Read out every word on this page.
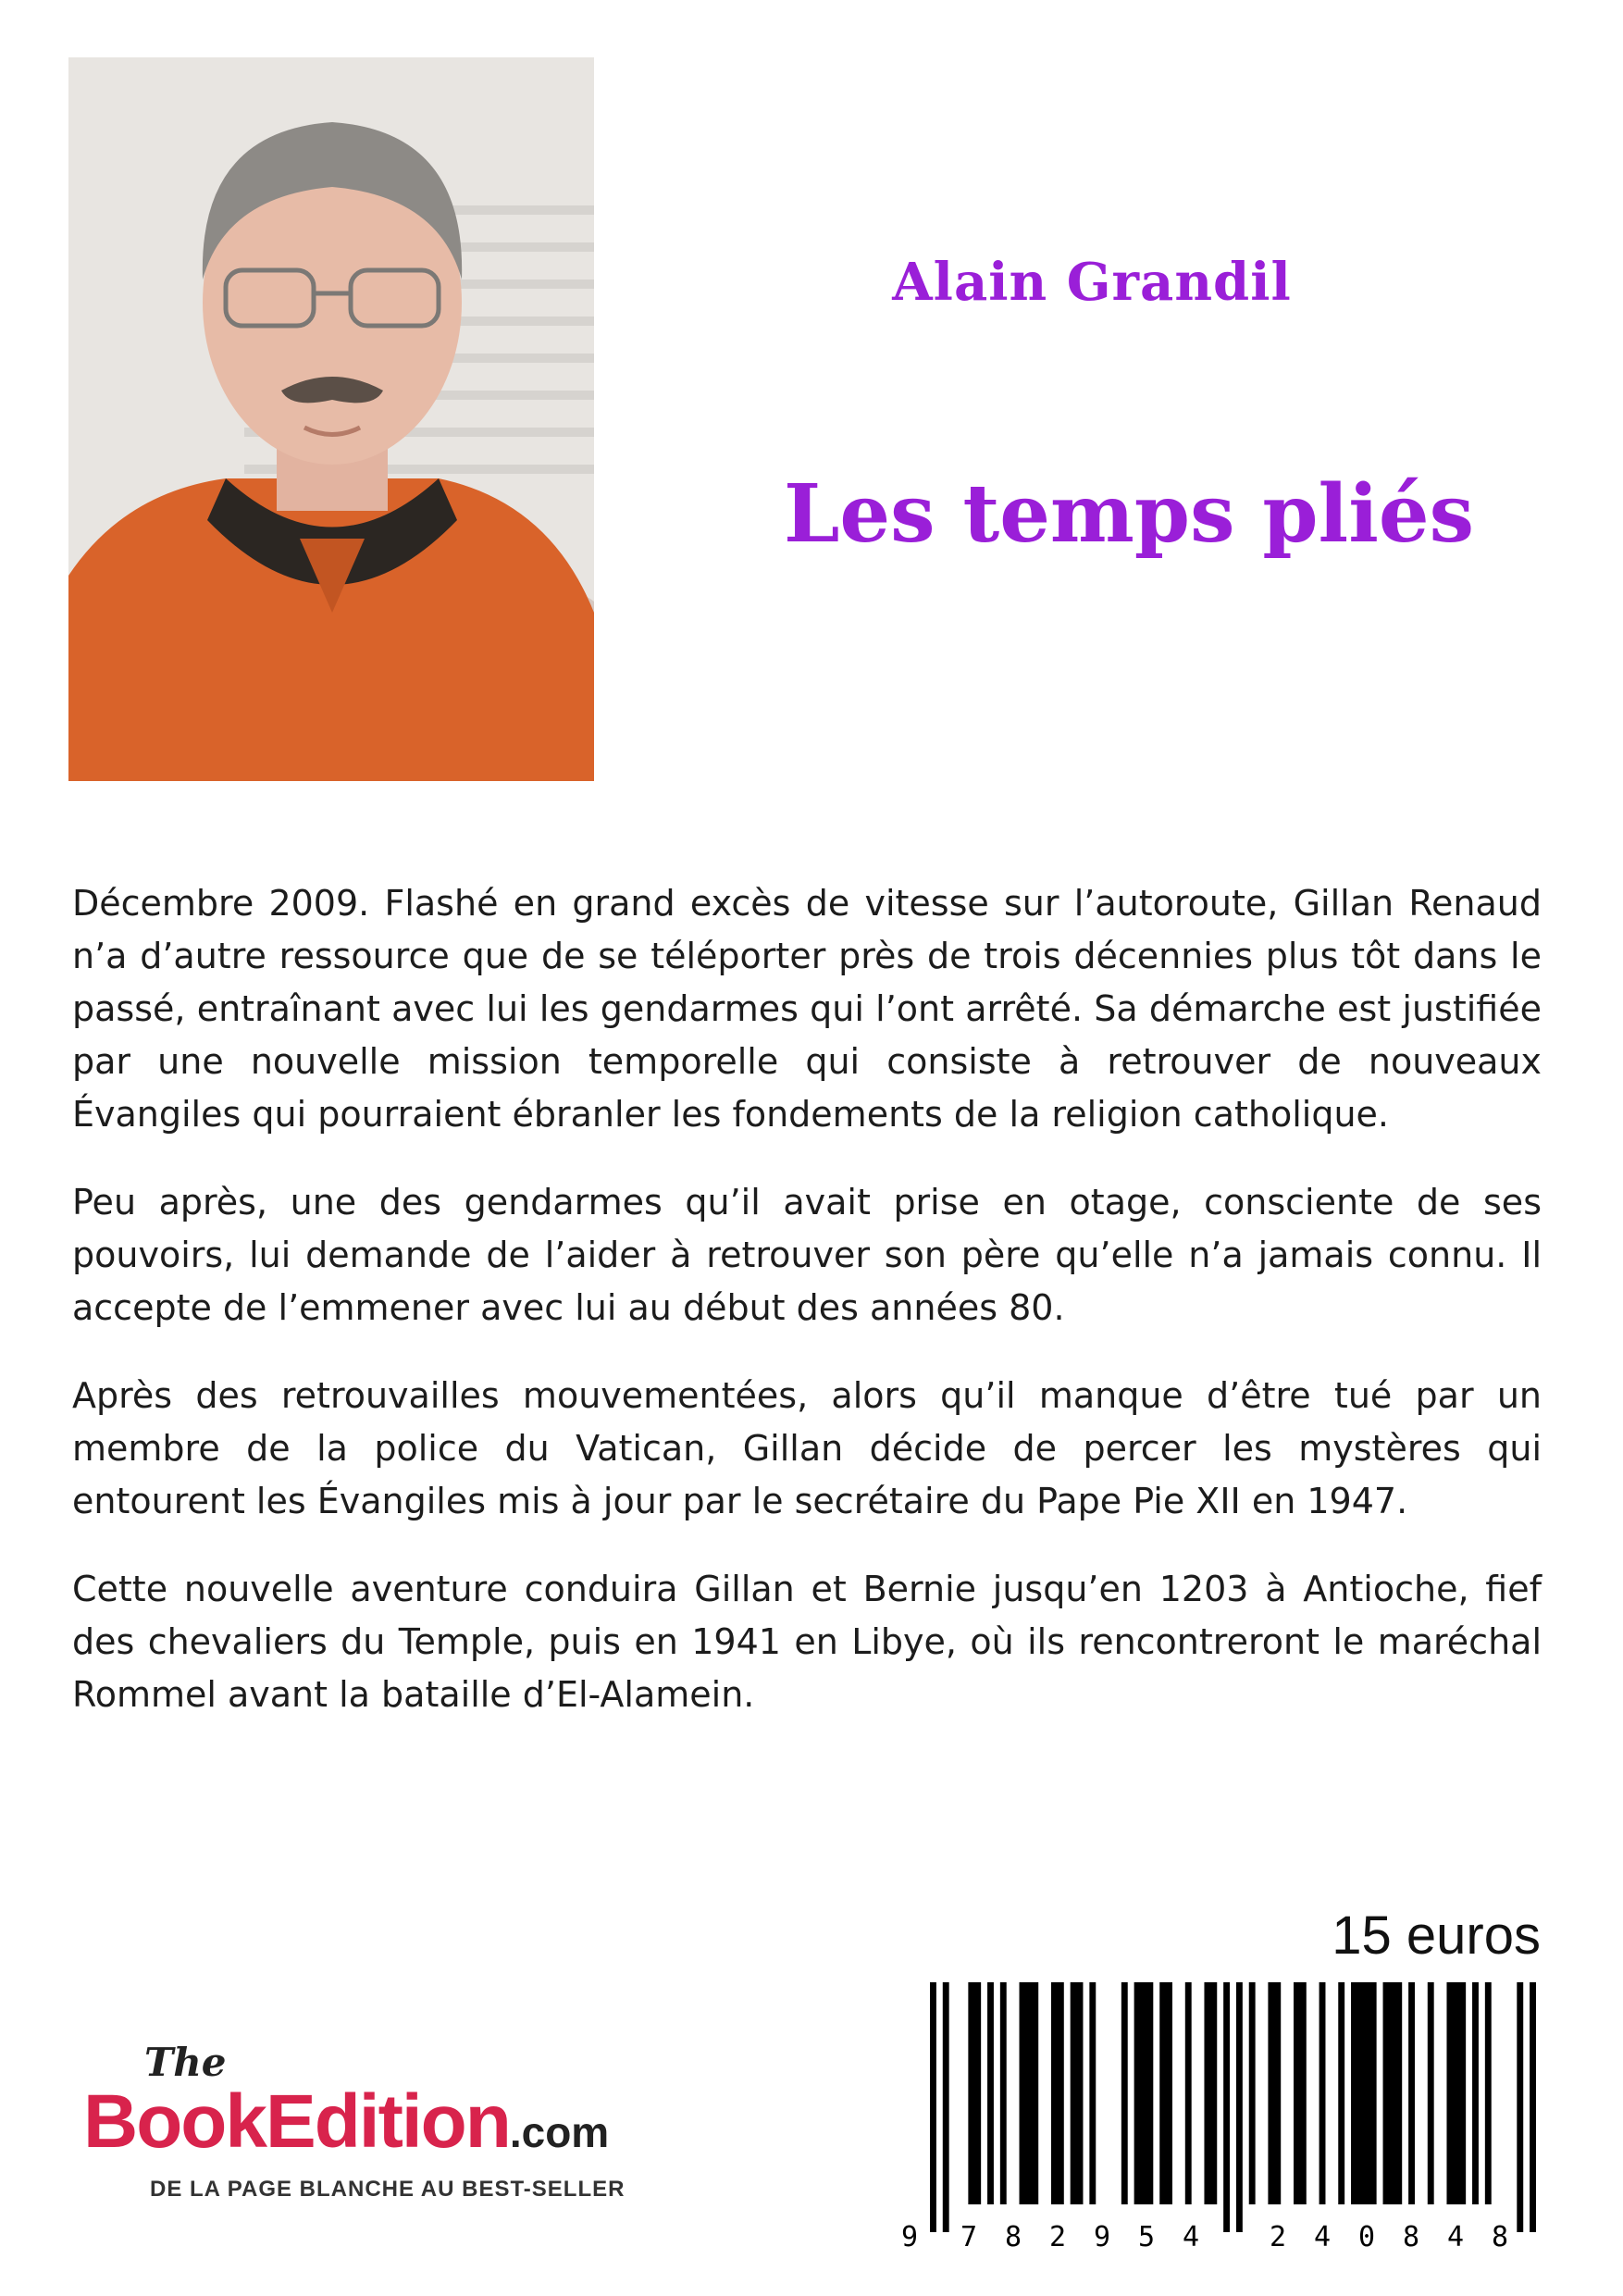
Alain Grandil
Les temps pliés

Décembre 2009. Flashé en grand excès de vitesse sur l’autoroute, Gillan Renaud n’a d’autre ressource que de se téléporter près de trois décennies plus tôt dans le passé, entraînant avec lui les gendarmes qui l’ont arrêté. Sa démarche est justifiée par une nouvelle mission temporelle qui consiste à retrouver de nouveaux Évangiles qui pourraient ébranler les fondements de la religion catholique.

Peu après, une des gendarmes qu’il avait prise en otage, consciente de ses pouvoirs, lui demande de l’aider à retrouver son père qu’elle n’a jamais connu. Il accepte de l’emmener avec lui au début des années 80.

Après des retrouvailles mouvementées, alors qu’il manque d’être tué par un membre de la police du Vatican, Gillan décide de percer les mystères qui entourent les Évangiles mis à jour par le secrétaire du Pape Pie XII en 1947.

Cette nouvelle aventure conduira Gillan et Bernie jusqu’en 1203 à Antioche, fief des chevaliers du Temple, puis en 1941 en Libye, où ils rencontreront le maréchal Rommel avant la bataille d’El-Alamein.

15 euros
9 7 8 2 9 5 4	2 4 0 8 4 8
The
BookEdition.com
DE LA PAGE BLANCHE AU BEST-SELLER
